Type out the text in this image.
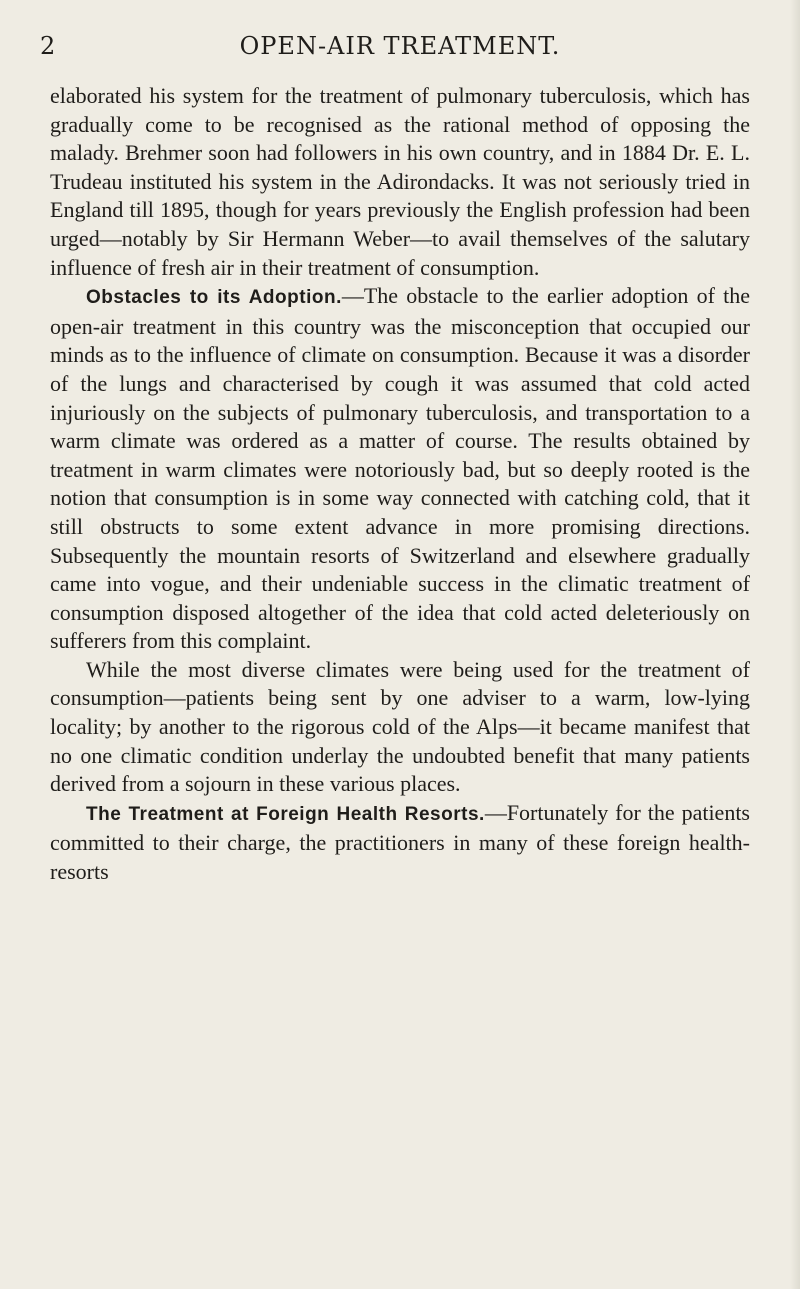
2	OPEN-AIR TREATMENT.

elaborated his system for the treatment of pulmonary tuberculosis, which has gradually come to be recognised as the rational method of opposing the malady. Brehmer soon had followers in his own country, and in 1884 Dr. E. L. Trudeau instituted his system in the Adirondacks. It was not seriously tried in England till 1895, though for years previously the English profession had been urged—notably by Sir Hermann Weber—to avail themselves of the salutary influence of fresh air in their treatment of consumption.

Obstacles to its Adoption.—The obstacle to the earlier adoption of the open-air treatment in this country was the misconception that occupied our minds as to the influence of climate on consumption. Because it was a disorder of the lungs and characterised by cough it was assumed that cold acted injuriously on the subjects of pulmonary tuberculosis, and transportation to a warm climate was ordered as a matter of course. The results obtained by treatment in warm climates were notoriously bad, but so deeply rooted is the notion that consumption is in some way connected with catching cold, that it still obstructs to some extent advance in more promising directions. Subsequently the mountain resorts of Switzerland and elsewhere gradually came into vogue, and their undeniable success in the climatic treatment of consumption disposed altogether of the idea that cold acted deleteriously on sufferers from this complaint.

While the most diverse climates were being used for the treatment of consumption—patients being sent by one adviser to a warm, low-lying locality; by another to the rigorous cold of the Alps—it became manifest that no one climatic condition underlay the undoubted benefit that many patients derived from a sojourn in these various places.

The Treatment at Foreign Health Resorts.—Fortunately for the patients committed to their charge, the practitioners in many of these foreign health-resorts
